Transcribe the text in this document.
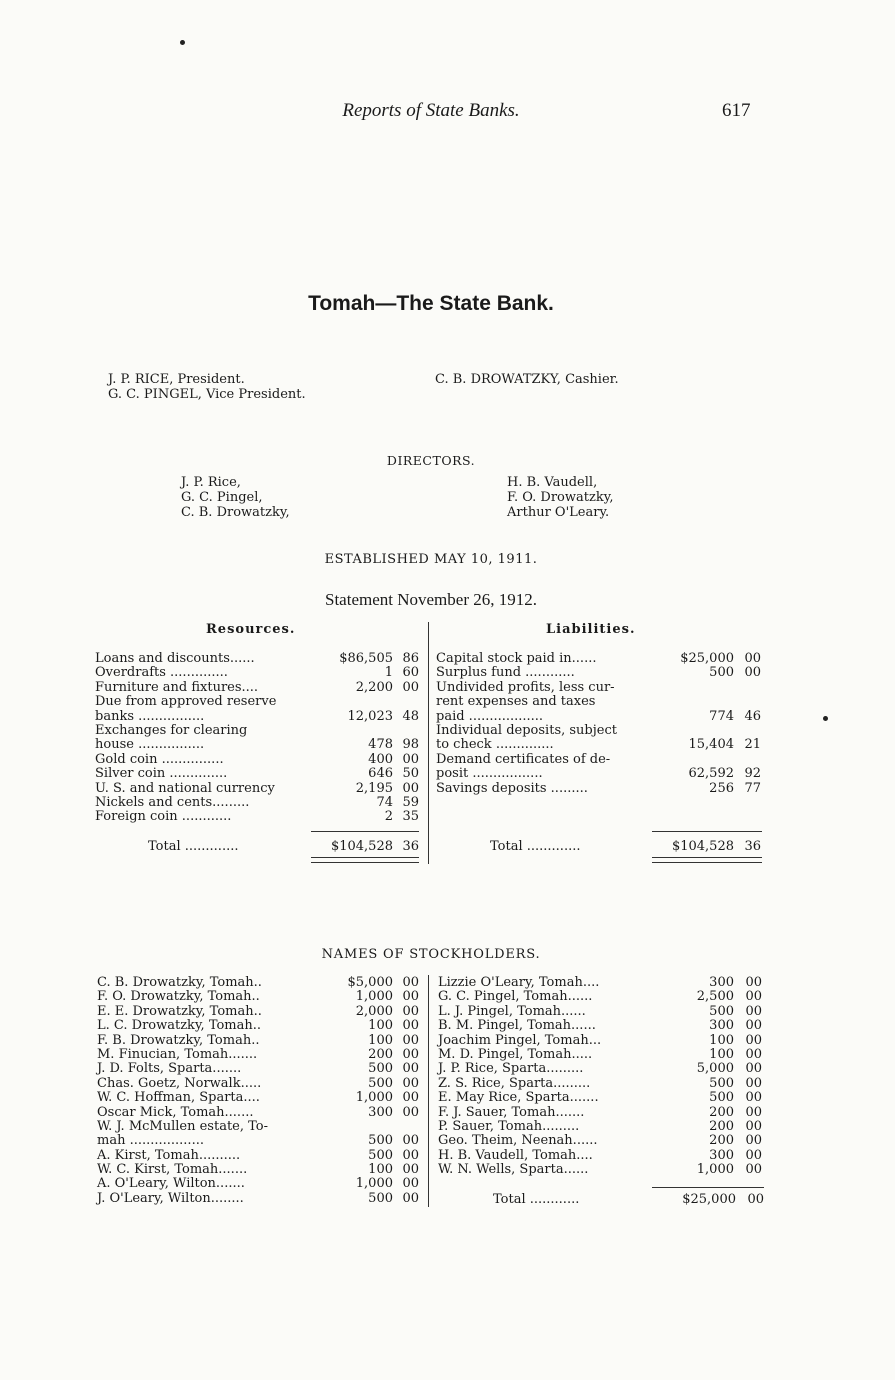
Reports of State Banks.	617
Tomah—The State Bank.
J. P. RICE, President.
G. C. PINGEL, Vice President.
C. B. DROWATZKY, Cashier.
DIRECTORS.
J. P. Rice,
G. C. Pingel,
C. B. Drowatzky,
H. B. Vaudell,
F. O. Drowatzky,
Arthur O'Leary.
ESTABLISHED MAY 10, 1911.
Statement November 26, 1912.
Resources.	Liabilities.
Loans and discounts......	$86,505 86
Overdrafts ..............	1 60
Furniture and fixtures....	2,200 00
Due from approved reserve
banks ................	12,023 48
Exchanges for clearing
house ................	478 98
Gold coin ...............	400 00
Silver coin ..............	646 50
U. S. and national currency	2,195 00
Nickels and cents.........	74 59
Foreign coin ............	2 35
Capital stock paid in......	$25,000 00
Surplus fund ............	500 00
Undivided profits, less cur-
rent expenses and taxes
paid ..................	774 46
Individual deposits, subject
to check ..............	15,404 21
Demand certificates of de-
posit .................	62,592 92
Savings deposits .........	256 77
Total .............	$104,528 36	Total .............	$104,528 36
NAMES OF STOCKHOLDERS.
C. B. Drowatzky, Tomah..	$5,000 00
F. O. Drowatzky, Tomah..	1,000 00
E. E. Drowatzky, Tomah..	2,000 00
L. C. Drowatzky, Tomah..	100 00
F. B. Drowatzky, Tomah..	100 00
M. Finucian, Tomah.......	200 00
J. D. Folts, Sparta.......	500 00
Chas. Goetz, Norwalk.....	500 00
W. C. Hoffman, Sparta....	1,000 00
Oscar Mick, Tomah.......	300 00
W. J. McMullen estate, To-
mah ..................	500 00
A. Kirst, Tomah..........	500 00
W. C. Kirst, Tomah.......	100 00
A. O'Leary, Wilton.......	1,000 00
J. O'Leary, Wilton........	500 00
Lizzie O'Leary, Tomah....	300 00
G. C. Pingel, Tomah......	2,500 00
L. J. Pingel, Tomah......	500 00
B. M. Pingel, Tomah......	300 00
Joachim Pingel, Tomah...	100 00
M. D. Pingel, Tomah.....	100 00
J. P. Rice, Sparta.........	5,000 00
Z. S. Rice, Sparta.........	500 00
E. May Rice, Sparta.......	500 00
F. J. Sauer, Tomah.......	200 00
P. Sauer, Tomah.........	200 00
Geo. Theim, Neenah......	200 00
H. B. Vaudell, Tomah....	300 00
W. N. Wells, Sparta......	1,000 00
Total ............	$25,000 00
